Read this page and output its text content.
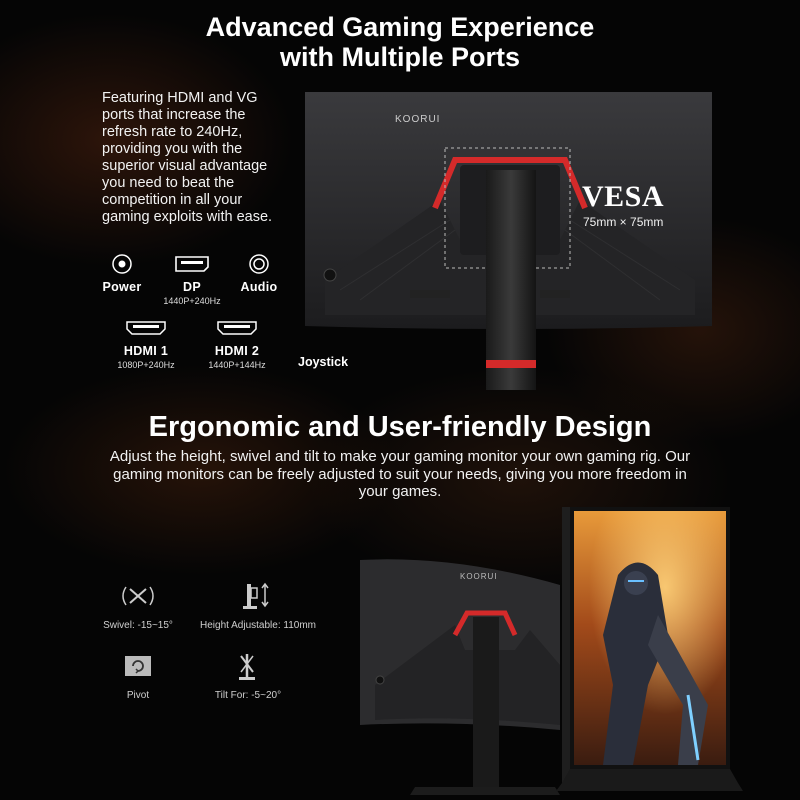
Advanced Gaming Experience
with Multiple Ports
Featuring HDMI and VG ports that increase the refresh rate to 240Hz, providing you with the superior visual advantage you need to beat the competition in all your gaming exploits with ease.
Power	DP
1440P+240Hz
Audio
HDMI 1
1080P+240Hz
HDMI 2
1440P+144Hz
KOORUI
VESA
75mm × 75mm
Joystick
Ergonomic and User-friendly Design
Adjust the height, swivel and tilt to make your gaming monitor your own gaming rig. Our gaming monitors can be freely adjusted to suit your needs, giving you more freedom in your games.
Swivel: -15~15°	Height Adjustable: 110mm
Pivot	Tilt For: -5~20°
KOORUI
